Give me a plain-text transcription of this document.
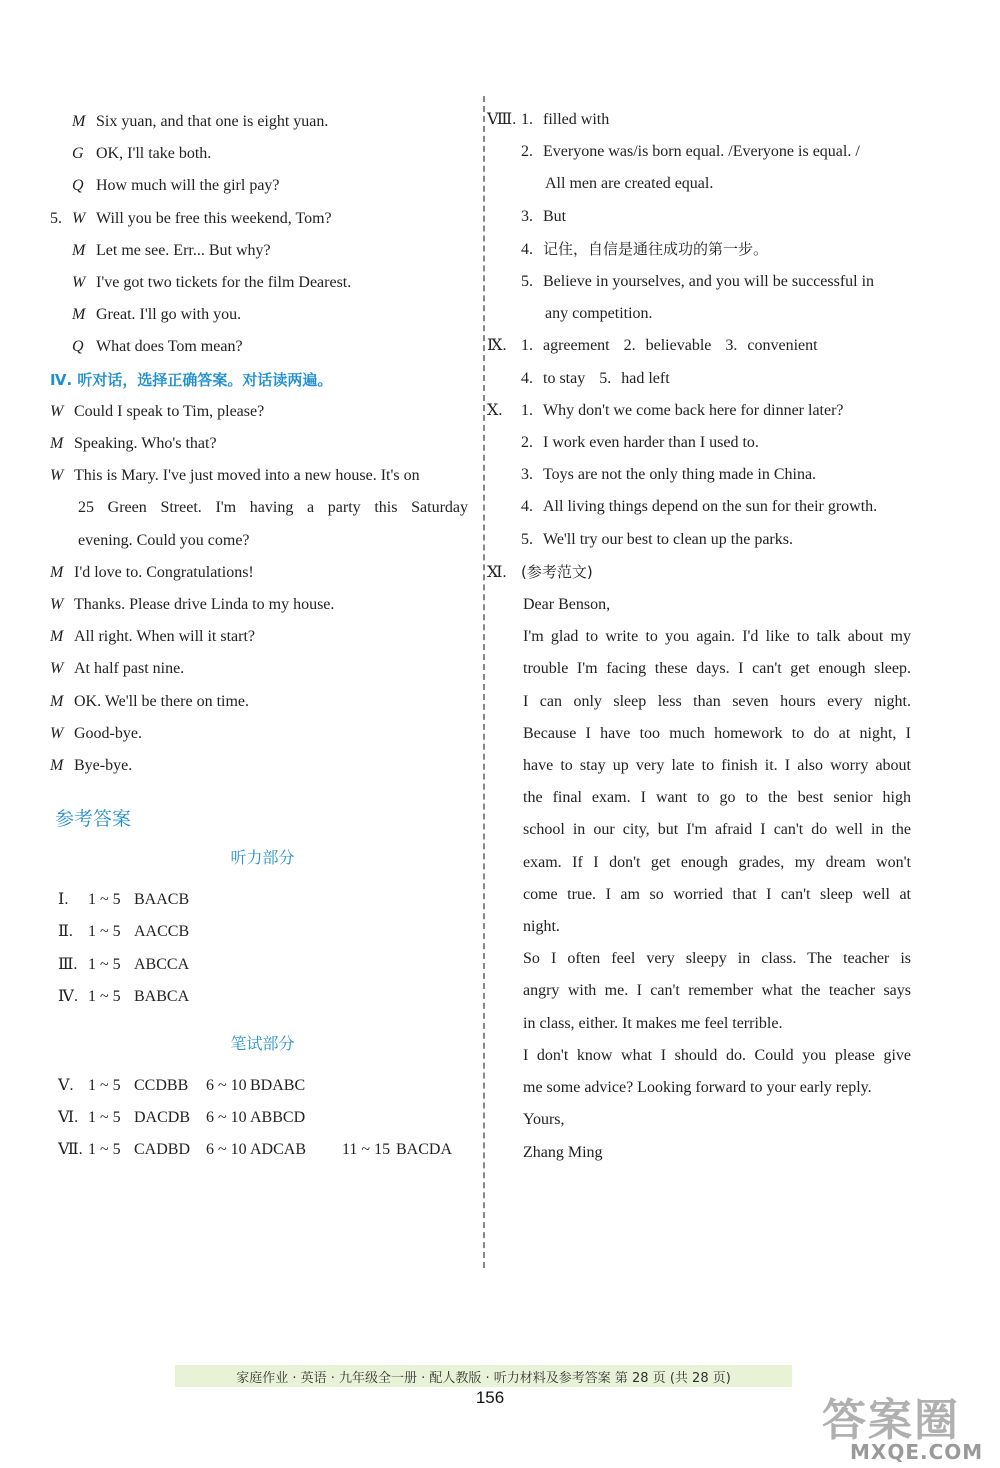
M Six yuan, and that one is eight yuan.
G OK, I'll take both.
Q How much will the girl pay?
5. W Will you be free this weekend, Tom?
M Let me see. Err... But why?
W I've got two tickets for the film Dearest.
M Great. I'll go with you.
Q What does Tom mean?
Ⅳ. 听对话，选择正确答案。对话读两遍。
W Could I speak to Tim, please?
M Speaking. Who's that?
W This is Mary. I've just moved into a new house. It's on
25 Green Street. I'm having a party this Saturday
evening. Could you come?
M I'd love to. Congratulations!
W Thanks. Please drive Linda to my house.
M All right. When will it start?
W At half past nine.
M OK. We'll be there on time.
W Good-bye.
M Bye-bye.
参考答案
听力部分
Ⅰ. 1 ~ 5 BAACB
Ⅱ. 1 ~ 5 AACCB
Ⅲ. 1 ~ 5 ABCCA
Ⅳ. 1 ~ 5 BABCA
笔试部分
Ⅴ. 1 ~ 5 CCDBB 6 ~ 10 BDABC
Ⅵ. 1 ~ 5 DACDB 6 ~ 10 ABBCD
Ⅶ. 1 ~ 5 CADBD 6 ~ 10 ADCAB 11 ~ 15 BACDA
Ⅷ. 1. filled with
2. Everyone was/is born equal. /Everyone is equal. /
All men are created equal.
3. But
4. 记住，自信是通往成功的第一步。
5. Believe in yourselves, and you will be successful in
any competition.
Ⅸ. 1. agreement 2. believable 3. convenient
4. to stay 5. had left
Ⅹ. 1. Why don't we come back here for dinner later?
2. I work even harder than I used to.
3. Toys are not the only thing made in China.
4. All living things depend on the sun for their growth.
5. We'll try our best to clean up the parks.
Ⅺ. (参考范文)
Dear Benson,
I'm glad to write to you again. I'd like to talk about my
trouble I'm facing these days. I can't get enough sleep.
I can only sleep less than seven hours every night.
Because I have too much homework to do at night, I
have to stay up very late to finish it. I also worry about
the final exam. I want to go to the best senior high
school in our city, but I'm afraid I can't do well in the
exam. If I don't get enough grades, my dream won't
come true. I am so worried that I can't sleep well at
night.
So I often feel very sleepy in class. The teacher is
angry with me. I can't remember what the teacher says
in class, either. It makes me feel terrible.
I don't know what I should do. Could you please give
me some advice? Looking forward to your early reply.
Yours,
Zhang Ming
家庭作业 · 英语 · 九年级全一册 · 配人教版 · 听力材料及参考答案 第 28 页 (共 28 页)
156	答案圈
MXQE.COM
